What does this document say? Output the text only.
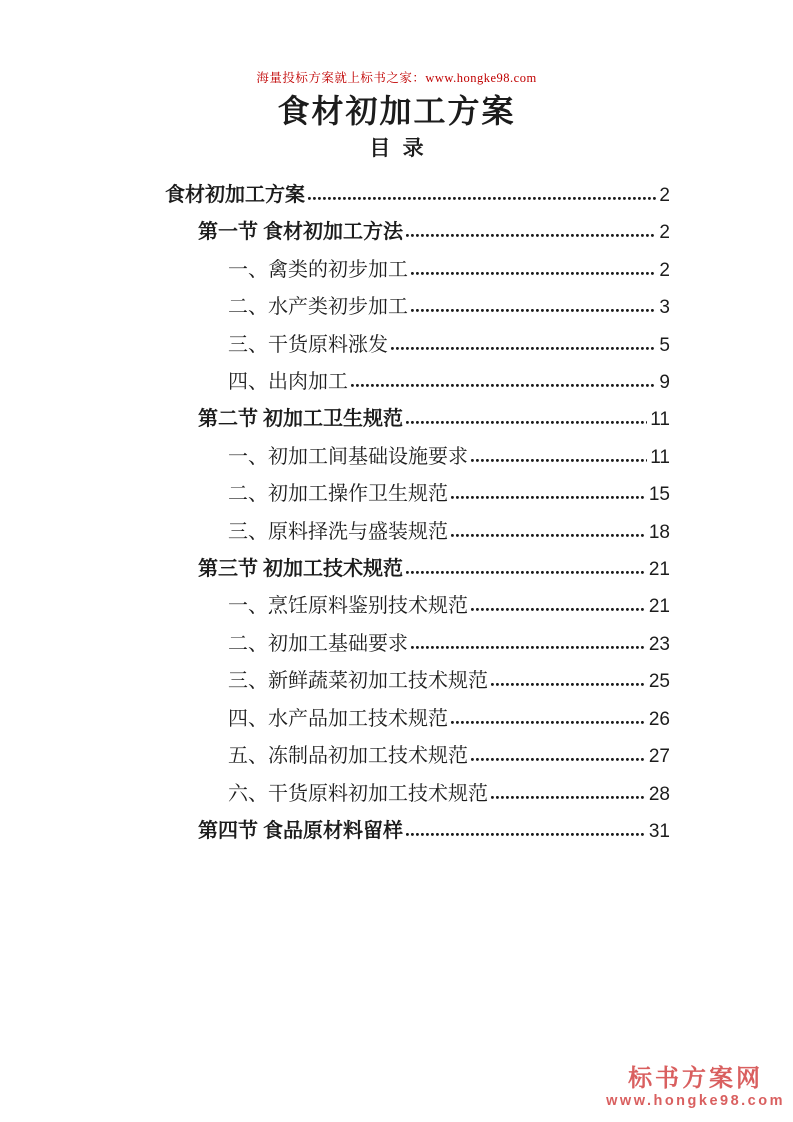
海量投标方案就上标书之家：www.hongke98.com
食材初加工方案
目 录
食材初加工方案	2
第一节 食材初加工方法	2
一、禽类的初步加工	2
二、水产类初步加工	3
三、干货原料涨发	5
四、出肉加工	9
第二节 初加工卫生规范	11
一、初加工间基础设施要求	11
二、初加工操作卫生规范	15
三、原料择洗与盛装规范	18
第三节 初加工技术规范	21
一、烹饪原料鉴别技术规范	21
二、初加工基础要求	23
三、新鲜蔬菜初加工技术规范	25
四、水产品加工技术规范	26
五、冻制品初加工技术规范	27
六、干货原料初加工技术规范	28
第四节 食品原材料留样	31
标书方案网
www.hongke98.com
